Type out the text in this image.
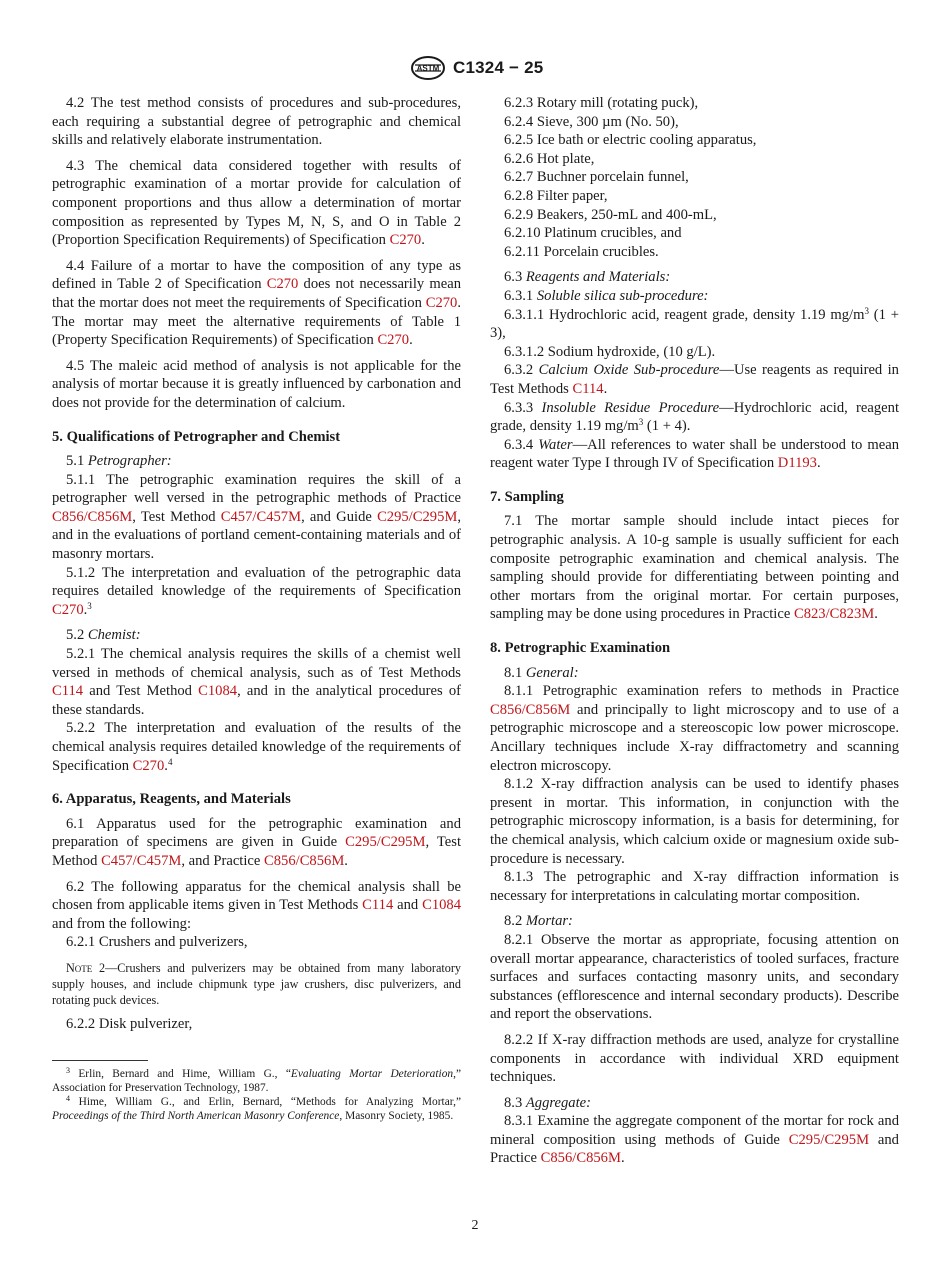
ASTM C1324 − 25

4.2 The test method consists of procedures and sub-procedures, each requiring a substantial degree of petrographic and chemical skills and relatively elaborate instrumentation.

4.3 The chemical data considered together with results of petrographic examination of a mortar provide for calculation of component proportions and thus allow a determination of mortar composition as represented by Types M, N, S, and O in Table 2 (Proportion Specification Requirements) of Specification C270.

4.4 Failure of a mortar to have the composition of any type as defined in Table 2 of Specification C270 does not necessarily mean that the mortar does not meet the requirements of Specification C270. The mortar may meet the alternative requirements of Table 1 (Property Specification Requirements) of Specification C270.

4.5 The maleic acid method of analysis is not applicable for the analysis of mortar because it is greatly influenced by carbonation and does not provide for the determination of calcium.

5. Qualifications of Petrographer and Chemist

5.1 Petrographer:

5.1.1 The petrographic examination requires the skill of a petrographer well versed in the petrographic methods of Practice C856/C856M, Test Method C457/C457M, and Guide C295/C295M, and in the evaluations of portland cement-containing materials and of masonry mortars.

5.1.2 The interpretation and evaluation of the petrographic data requires detailed knowledge of the requirements of Specification C270.$^3$

5.2 Chemist:

5.2.1 The chemical analysis requires the skills of a chemist well versed in methods of chemical analysis, such as of Test Methods C114 and Test Method C1084, and in the analytical procedures of these standards.

5.2.2 The interpretation and evaluation of the results of the chemical analysis requires detailed knowledge of the requirements of Specification C270.$^4$

6. Apparatus, Reagents, and Materials

6.1 Apparatus used for the petrographic examination and preparation of specimens are given in Guide C295/C295M, Test Method C457/C457M, and Practice C856/C856M.

6.2 The following apparatus for the chemical analysis shall be chosen from applicable items given in Test Methods C114 and C1084 and from the following:

6.2.1 Crushers and pulverizers,

Note 2—Crushers and pulverizers may be obtained from many laboratory supply houses, and include chipmunk type jaw crushers, disc pulverizers, and rotating puck devices.

6.2.2 Disk pulverizer,

$^3$ Erlin, Bernard and Hime, William G., “Evaluating Mortar Deterioration,” Association for Preservation Technology, 1987.

$^4$ Hime, William G., and Erlin, Bernard, “Methods for Analyzing Mortar,” Proceedings of the Third North American Masonry Conference, Masonry Society, 1985.

6.2.3 Rotary mill (rotating puck),

6.2.4 Sieve, 300 µm (No. 50),

6.2.5 Ice bath or electric cooling apparatus,

6.2.6 Hot plate,

6.2.7 Buchner porcelain funnel,

6.2.8 Filter paper,

6.2.9 Beakers, 250-mL and 400-mL,

6.2.10 Platinum crucibles, and

6.2.11 Porcelain crucibles.

6.3 Reagents and Materials:

6.3.1 Soluble silica sub-procedure:

6.3.1.1 Hydrochloric acid, reagent grade, density 1.19 $mg/m^3$ (1 + 3),

6.3.1.2 Sodium hydroxide, (10 g/L).

6.3.2 Calcium Oxide Sub-procedure—Use reagents as required in Test Methods C114.

6.3.3 Insoluble Residue Procedure—Hydrochloric acid, reagent grade, density 1.19 $mg/m^3$ (1 + 4).

6.3.4 Water—All references to water shall be understood to mean reagent water Type I through IV of Specification D1193.

7. Sampling

7.1 The mortar sample should include intact pieces for petrographic analysis. A 10-g sample is usually sufficient for each composite petrographic examination and chemical analysis. The sampling should provide for differentiating between pointing and other mortars from the original mortar. For certain purposes, sampling may be done using procedures in Practice C823/C823M.

8. Petrographic Examination

8.1 General:

8.1.1 Petrographic examination refers to methods in Practice C856/C856M and principally to light microscopy and to use of a petrographic microscope and a stereoscopic low power microscope. Ancillary techniques include X-ray diffractometry and scanning electron microscopy.

8.1.2 X-ray diffraction analysis can be used to identify phases present in mortar. This information, in conjunction with the petrographic microscopy information, is a basis for determining, for the chemical analysis, which calcium oxide or magnesium oxide sub-procedure is necessary.

8.1.3 The petrographic and X-ray diffraction information is necessary for interpretations in calculating mortar composition.

8.2 Mortar:

8.2.1 Observe the mortar as appropriate, focusing attention on overall mortar appearance, characteristics of tooled surfaces, fracture surfaces and surfaces contacting masonry units, and secondary substances (efflorescence and internal secondary products). Describe and report the observations.

8.2.2 If X-ray diffraction methods are used, analyze for crystalline components in accordance with individual XRD equipment techniques.

8.3 Aggregate:

8.3.1 Examine the aggregate component of the mortar for rock and mineral composition using methods of Guide C295/C295M and Practice C856/C856M.

2
